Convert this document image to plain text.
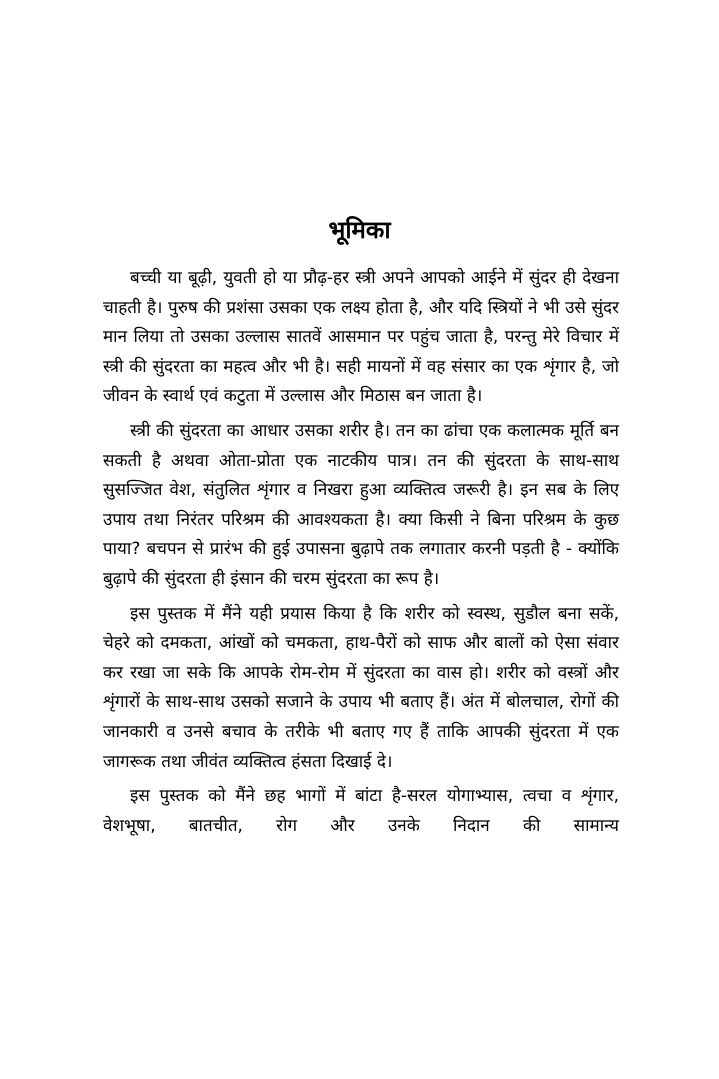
भूमिका

बच्ची या बूढ़ी, युवती हो या प्रौढ़-हर स्त्री अपने आपको आईने में सुंदर ही देखना चाहती है। पुरुष की प्रशंसा उसका एक लक्ष्य होता है, और यदि स्त्रियों ने भी उसे सुंदर मान लिया तो उसका उल्लास सातवें आसमान पर पहुंच जाता है, परन्तु मेरे विचार में स्त्री की सुंदरता का महत्व और भी है। सही मायनों में वह संसार का एक शृंगार है, जो जीवन के स्वार्थ एवं कटुता में उल्लास और मिठास बन जाता है।

स्त्री की सुंदरता का आधार उसका शरीर है। तन का ढांचा एक कलात्मक मूर्ति बन सकती है अथवा ओता-प्रोता एक नाटकीय पात्र। तन की सुंदरता के साथ-साथ सुसज्जित वेश, संतुलित शृंगार व निखरा हुआ व्यक्तित्व जरूरी है। इन सब के लिए उपाय तथा निरंतर परिश्रम की आवश्यकता है। क्या किसी ने बिना परिश्रम के कुछ पाया? बचपन से प्रारंभ की हुई उपासना बुढ़ापे तक लगातार करनी पड़ती है - क्योंकि बुढ़ापे की सुंदरता ही इंसान की चरम सुंदरता का रूप है।

इस पुस्तक में मैंने यही प्रयास किया है कि शरीर को स्वस्थ, सुडौल बना सकें, चेहरे को दमकता, आंखों को चमकता, हाथ-पैरों को साफ और बालों को ऐसा संवार कर रखा जा सके कि आपके रोम-रोम में सुंदरता का वास हो। शरीर को वस्त्रों और शृंगारों के साथ-साथ उसको सजाने के उपाय भी बताए हैं। अंत में बोलचाल, रोगों की जानकारी व उनसे बचाव के तरीके भी बताए गए हैं ताकि आपकी सुंदरता में एक जागरूक तथा जीवंत व्यक्तित्व हंसता दिखाई दे।

इस पुस्तक को मैंने छह भागों में बांटा है-सरल योगाभ्यास, त्वचा व शृंगार, वेशभूषा, बातचीत, रोग और उनके निदान की सामान्य
